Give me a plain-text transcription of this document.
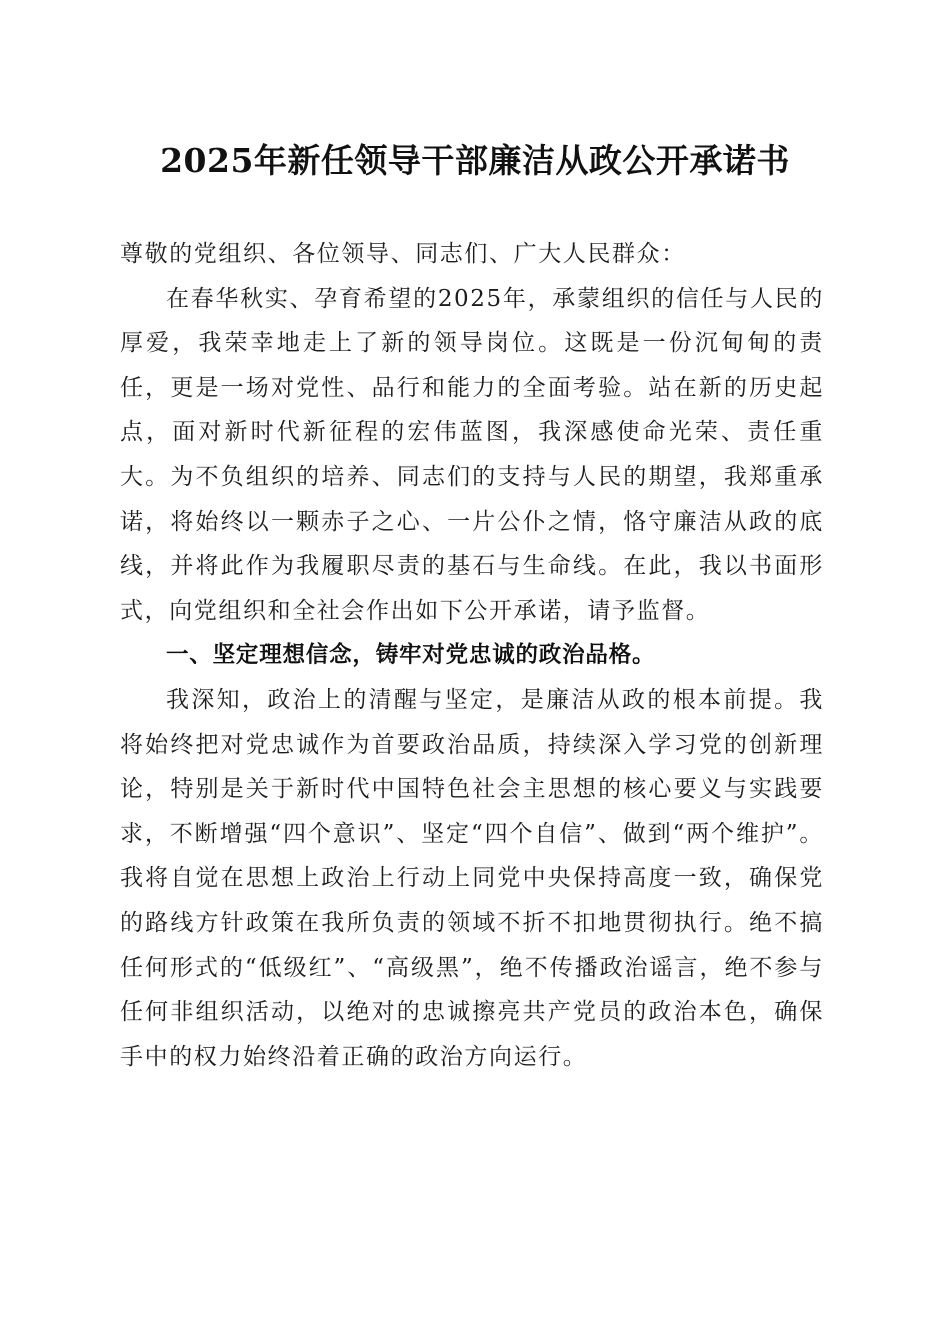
2025年新任领导干部廉洁从政公开承诺书

尊敬的党组织、各位领导、同志们、广大人民群众：

在春华秋实、孕育希望的2025年，承蒙组织的信任与人民的厚爱，我荣幸地走上了新的领导岗位。这既是一份沉甸甸的责任，更是一场对党性、品行和能力的全面考验。站在新的历史起点，面对新时代新征程的宏伟蓝图，我深感使命光荣、责任重大。为不负组织的培养、同志们的支持与人民的期望，我郑重承诺，将始终以一颗赤子之心、一片公仆之情，恪守廉洁从政的底线，并将此作为我履职尽责的基石与生命线。在此，我以书面形式，向党组织和全社会作出如下公开承诺，请予监督。

一、坚定理想信念，铸牢对党忠诚的政治品格。

我深知，政治上的清醒与坚定，是廉洁从政的根本前提。我将始终把对党忠诚作为首要政治品质，持续深入学习党的创新理论，特别是关于新时代中国特色社会主思想的核心要义与实践要求，不断增强“四个意识”、坚定“四个自信”、做到“两个维护”。我将自觉在思想上政治上行动上同党中央保持高度一致，确保党的路线方针政策在我所负责的领域不折不扣地贯彻执行。绝不搞任何形式的“低级红”、“高级黑”，绝不传播政治谣言，绝不参与任何非组织活动，以绝对的忠诚擦亮共产党员的政治本色，确保手中的权力始终沿着正确的政治方向运行。
